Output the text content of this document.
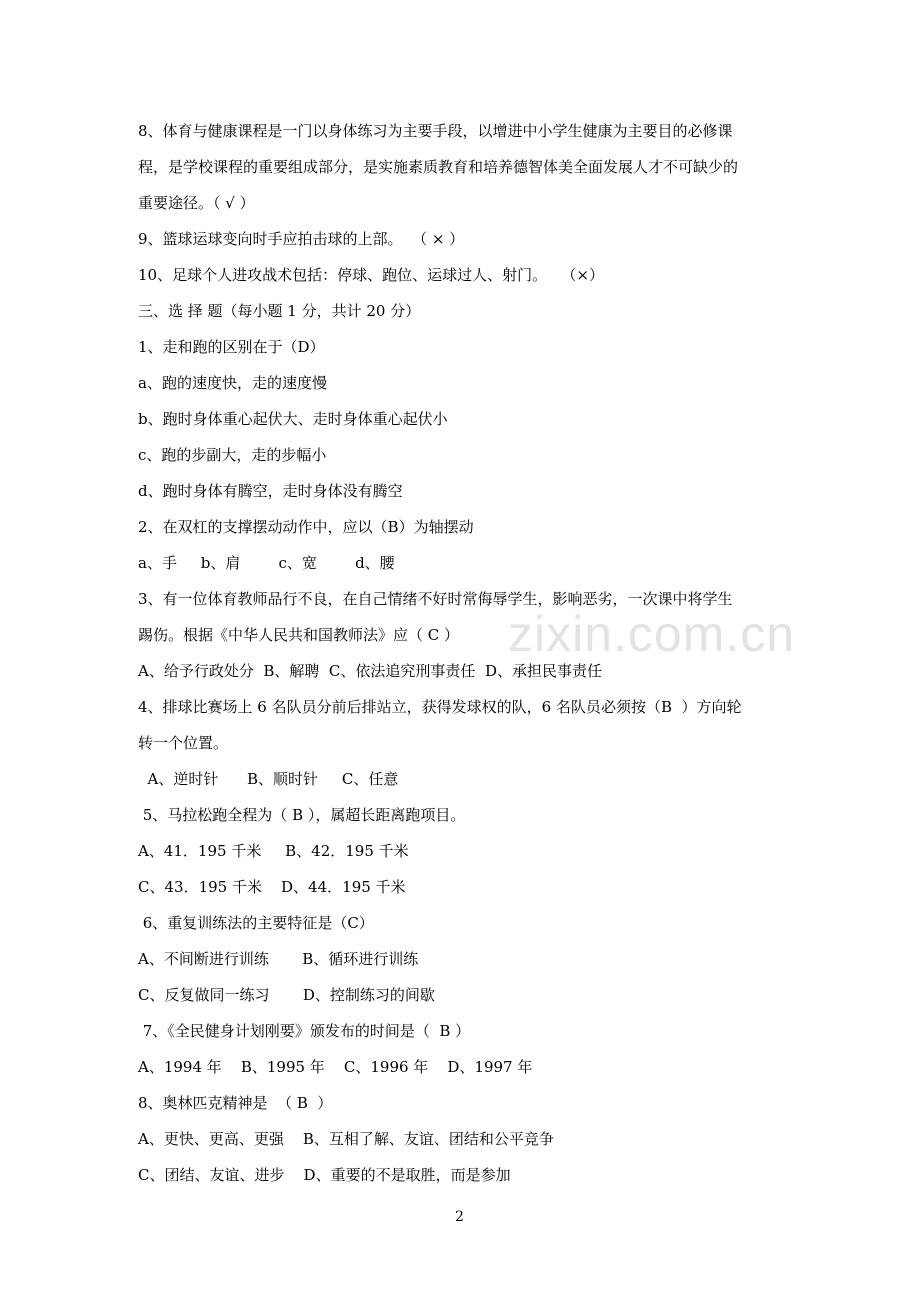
8、体育与健康课程是一门以身体练习为主要手段，以增进中小学生健康为主要目的必修课
程，是学校课程的重要组成部分，是实施素质教育和培养德智体美全面发展人才不可缺少的
重要途径。（ √ ）
9、篮球运球变向时手应拍击球的上部。  （ × ）
10、足球个人进攻战术包括：停球、跑位、运球过人、射门。   （×）
三、选 择 题（每小题 1 分，共计 20 分）
1、走和跑的区别在于（D）
a、跑的速度快，走的速度慢
b、跑时身体重心起伏大、走时身体重心起伏小
c、跑的步副大，走的步幅小
d、跑时身体有腾空，走时身体没有腾空
2、在双杠的支撑摆动动作中，应以（B）为轴摆动
a、手     b、肩        c、宽        d、腰
3、有一位体育教师品行不良，在自己情绪不好时常侮辱学生，影响恶劣，一次课中将学生
踢伤。根据《中华人民共和国教师法》应（ C ）
A、给予行政处分  B、解聘  C、依法追究刑事责任  D、承担民事责任
4、排球比赛场上 6 名队员分前后排站立，获得发球权的队，6 名队员必须按（B  ）方向轮
转一个位置。
A、逆时针      B、顺时针     C、任意
5、马拉松跑全程为（ B ），属超长距离跑项目。
A、41．195 千米     B、42．195 千米
C、43．195 千米    D、44．195 千米
6、重复训练法的主要特征是（C）
A、不间断进行训练       B、循环进行训练
C、反复做同一练习       D、控制练习的间歇
7、《全民健身计划刚要》颁发布的时间是（  B ）
A、1994 年    B、1995 年    C、1996 年    D、1997 年
8、奥林匹克精神是  （ B  ）
A、更快、更高、更强    B、互相了解、友谊、团结和公平竞争
C、团结、友谊、进步    D、重要的不是取胜，而是参加
zixin.com.cn
2
